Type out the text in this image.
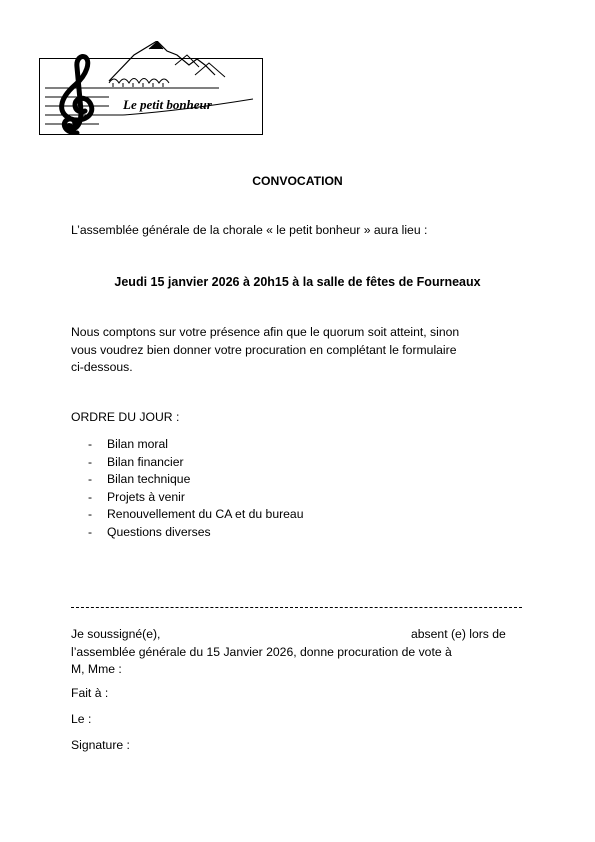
Le petit bonheur
CONVOCATION
L’assemblée générale de la chorale « le petit bonheur » aura lieu :
Jeudi 15 janvier 2026 à 20h15 à la salle de fêtes de Fourneaux
Nous comptons sur votre présence afin que le quorum soit atteint, sinon
vous voudrez bien donner votre procuration en complétant le formulaire
ci-dessous.
ORDRE DU JOUR :
- Bilan moral
- Bilan financier
- Bilan technique
- Projets à venir
- Renouvellement du CA et du bureau
- Questions diverses
Je soussigné(e),	absent (e) lors de
l’assemblée générale du 15 Janvier 2026, donne procuration de vote à
M, Mme :
Fait à :
Le :
Signature :
